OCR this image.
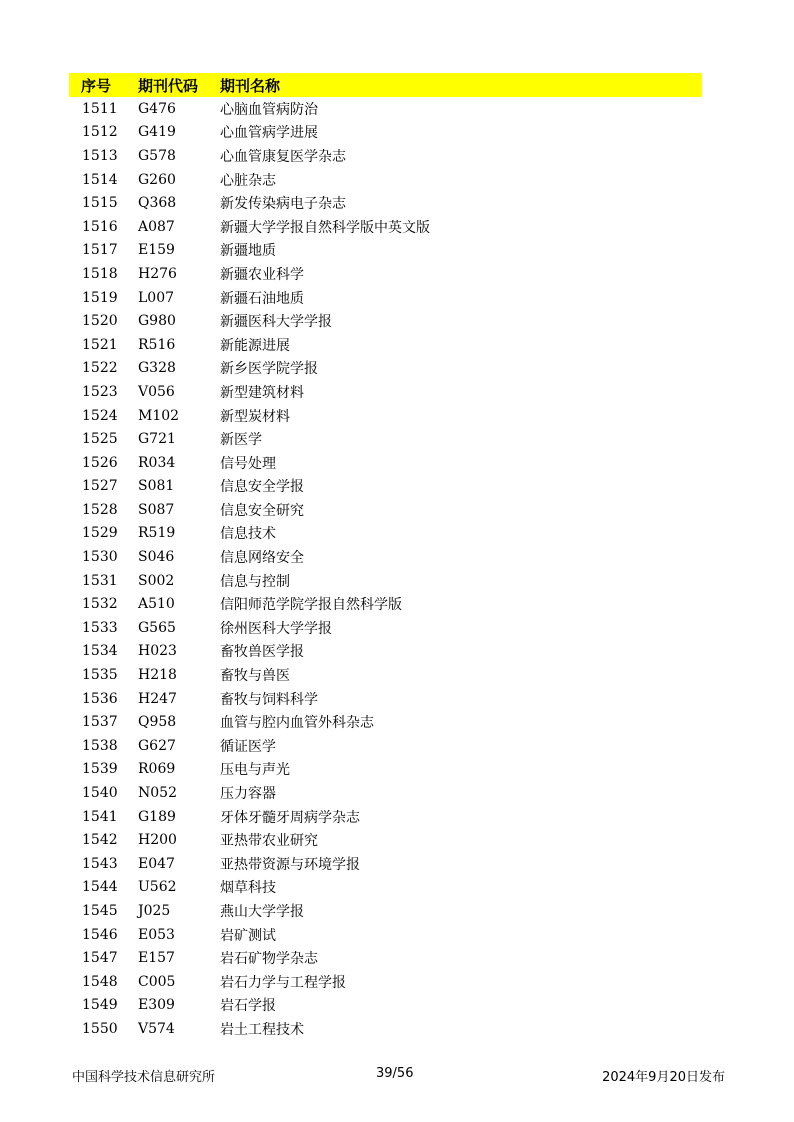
序号	期刊代码	期刊名称
1511	G476	心脑血管病防治
1512	G419	心血管病学进展
1513	G578	心血管康复医学杂志
1514	G260	心脏杂志
1515	Q368	新发传染病电子杂志
1516	A087	新疆大学学报自然科学版中英文版
1517	E159	新疆地质
1518	H276	新疆农业科学
1519	L007	新疆石油地质
1520	G980	新疆医科大学学报
1521	R516	新能源进展
1522	G328	新乡医学院学报
1523	V056	新型建筑材料
1524	M102	新型炭材料
1525	G721	新医学
1526	R034	信号处理
1527	S081	信息安全学报
1528	S087	信息安全研究
1529	R519	信息技术
1530	S046	信息网络安全
1531	S002	信息与控制
1532	A510	信阳师范学院学报自然科学版
1533	G565	徐州医科大学学报
1534	H023	畜牧兽医学报
1535	H218	畜牧与兽医
1536	H247	畜牧与饲料科学
1537	Q958	血管与腔内血管外科杂志
1538	G627	循证医学
1539	R069	压电与声光
1540	N052	压力容器
1541	G189	牙体牙髓牙周病学杂志
1542	H200	亚热带农业研究
1543	E047	亚热带资源与环境学报
1544	U562	烟草科技
1545	J025	燕山大学学报
1546	E053	岩矿测试
1547	E157	岩石矿物学杂志
1548	C005	岩石力学与工程学报
1549	E309	岩石学报
1550	V574	岩土工程技术
中国科学技术信息研究所	39/56	2024年9月20日发布
